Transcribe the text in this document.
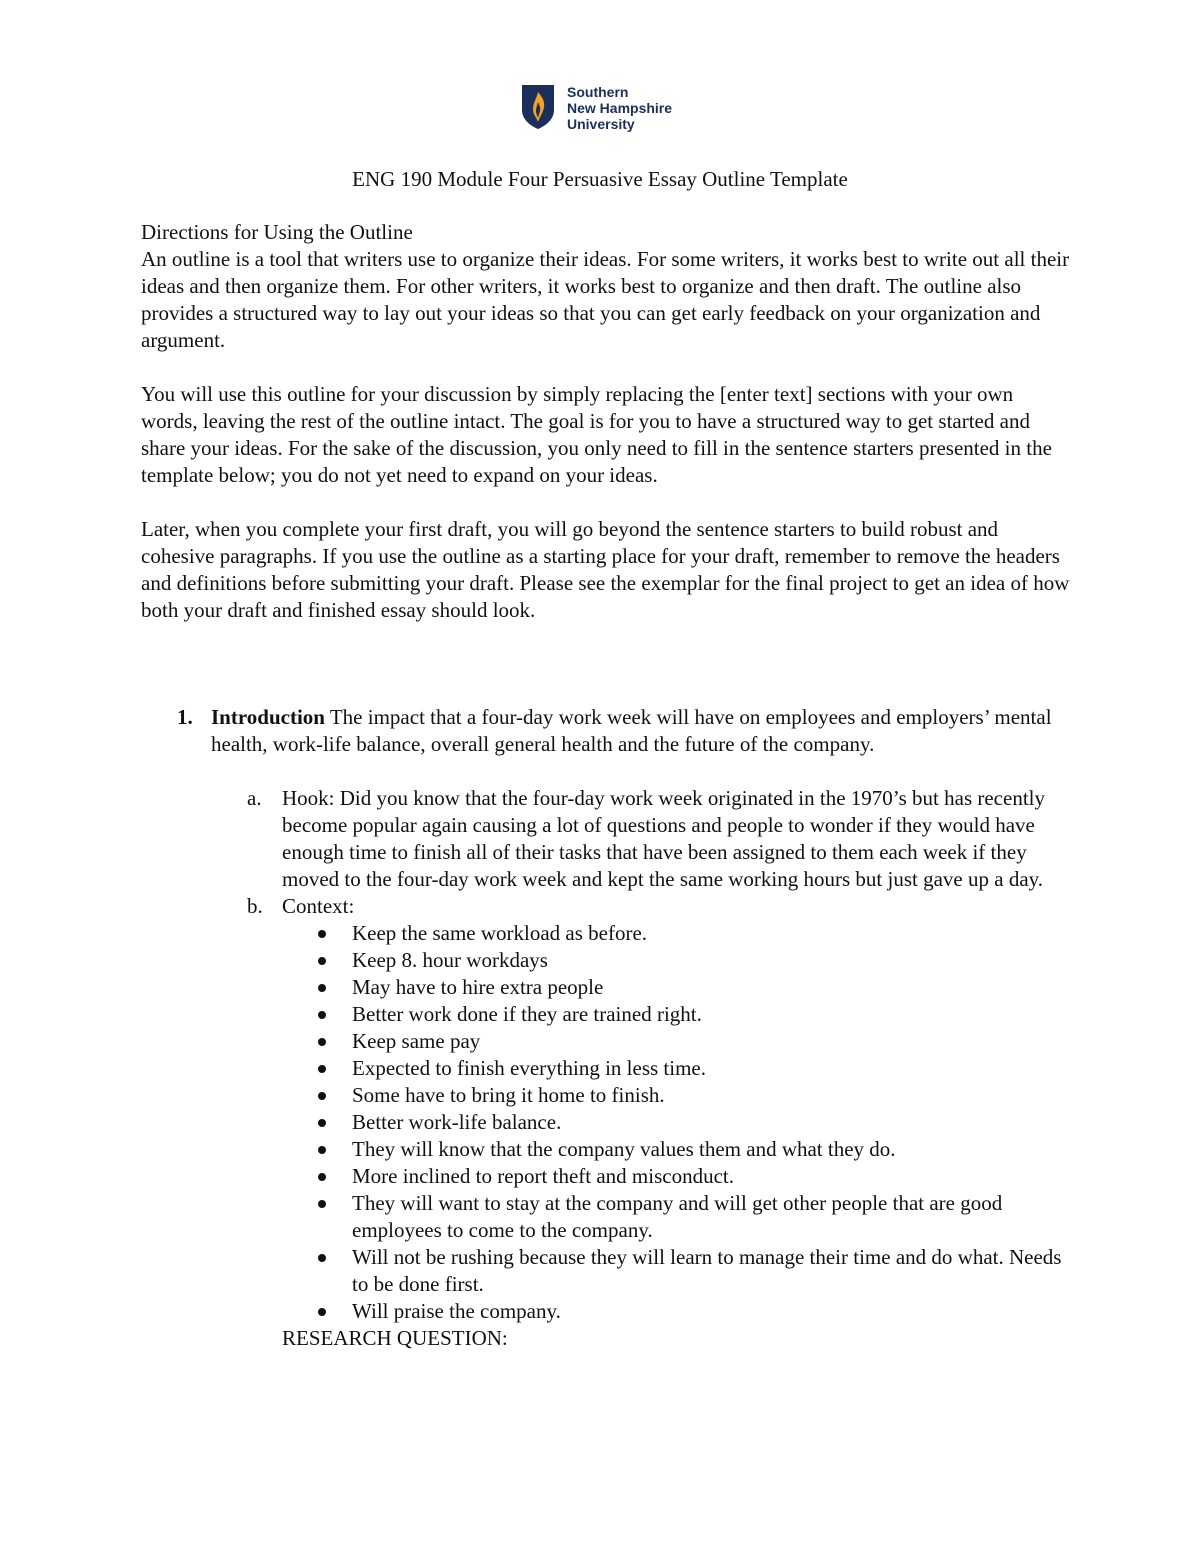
Southern
New Hampshire
University
ENG 190 Module Four Persuasive Essay Outline Template

Directions for Using the Outline

An outline is a tool that writers use to organize their ideas. For some writers, it works best to write out all their ideas and then organize them. For other writers, it works best to organize and then draft. The outline also provides a structured way to lay out your ideas so that you can get early feedback on your organization and argument.

You will use this outline for your discussion by simply replacing the [enter text] sections with your own words, leaving the rest of the outline intact. The goal is for you to have a structured way to get started and share your ideas. For the sake of the discussion, you only need to fill in the sentence starters presented in the template below; you do not yet need to expand on your ideas.
Later, when you complete your first draft, you will go beyond the sentence starters to build robust and cohesive paragraphs. If you use the outline as a starting place for your draft, remember to remove the headers and definitions before submitting your draft. Please see the exemplar for the final project to get an idea of how both your draft and finished essay should look.
1. Introduction The impact that a four-day work week will have on employees and employers’ mental health, work-life balance, overall general health and the future of the company.
a. Hook: Did you know that the four-day work week originated in the 1970’s but has recently become popular again causing a lot of questions and people to wonder if they would have enough time to finish all of their tasks that have been assigned to them each week if they moved to the four-day work week and kept the same working hours but just gave up a day.
b. Context:
Keep the same workload as before.
Keep 8. hour workdays
May have to hire extra people
Better work done if they are trained right.
Keep same pay
Expected to finish everything in less time.
Some have to bring it home to finish.
Better work-life balance.
They will know that the company values them and what they do.
More inclined to report theft and misconduct.
They will want to stay at the company and will get other people that are good employees to come to the company.
Will not be rushing because they will learn to manage their time and do what. Needs to be done first.
Will praise the company.
RESEARCH QUESTION:
